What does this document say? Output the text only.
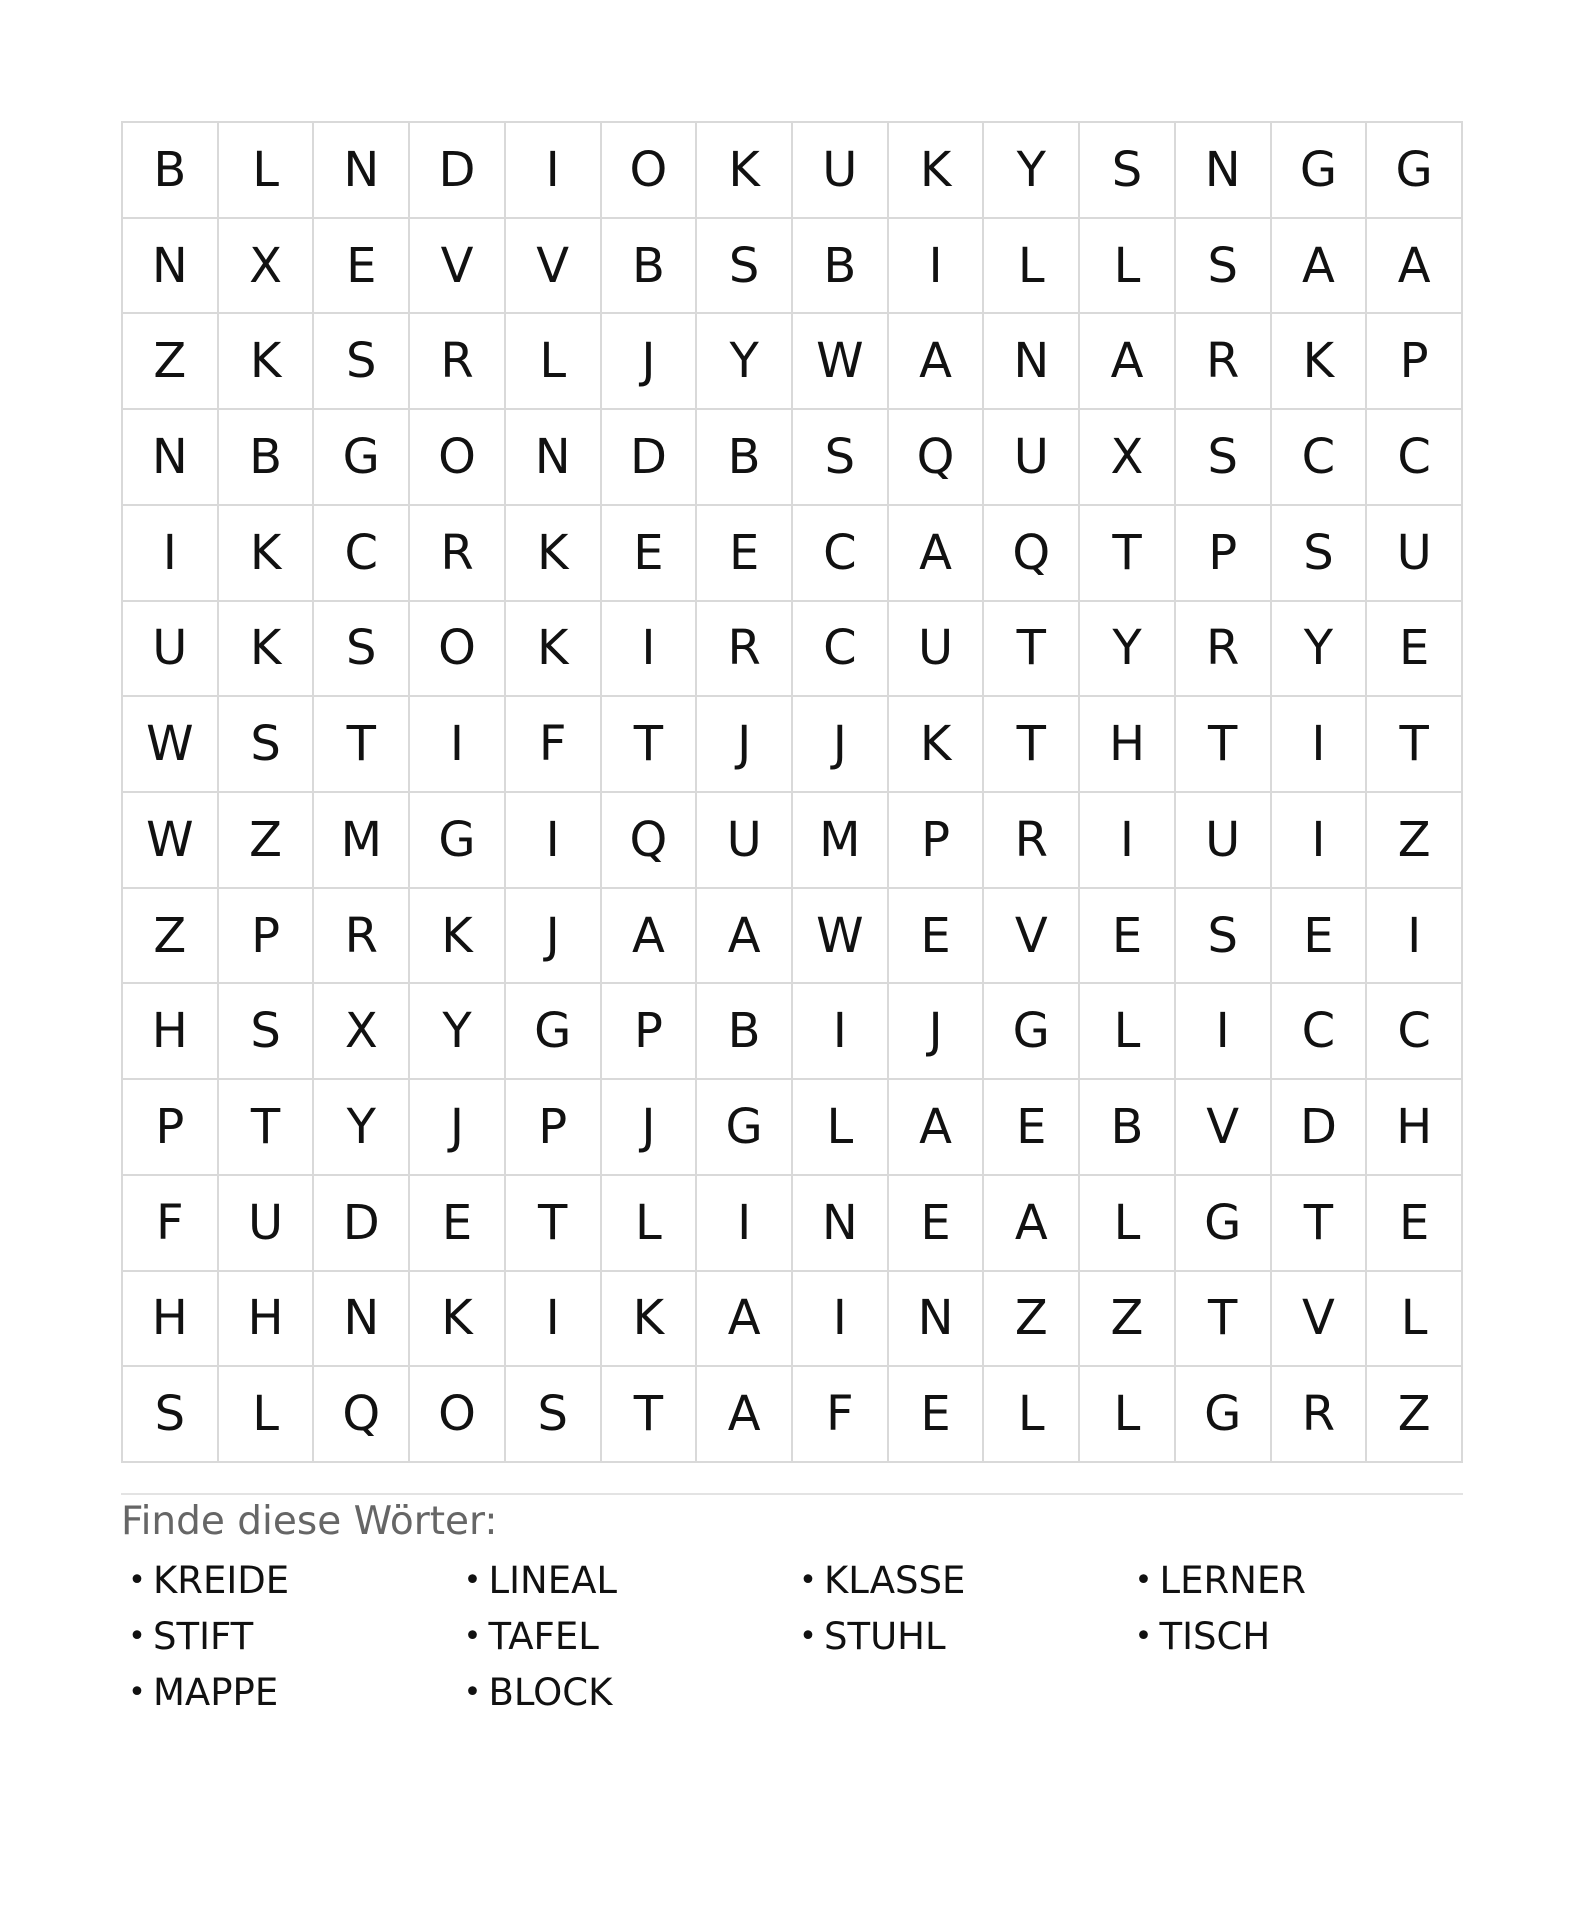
B	L	N	D	I	O	K	U	K	Y	S	N	G	G
N	X	E	V	V	B	S	B	I	L	L	S	A	A
Z	K	S	R	L	J	Y	W	A	N	A	R	K	P
N	B	G	O	N	D	B	S	Q	U	X	S	C	C
I	K	C	R	K	E	E	C	A	Q	T	P	S	U
U	K	S	O	K	I	R	C	U	T	Y	R	Y	E
W	S	T	I	F	T	J	J	K	T	H	T	I	T
W	Z	M	G	I	Q	U	M	P	R	I	U	I	Z
Z	P	R	K	J	A	A	W	E	V	E	S	E	I
H	S	X	Y	G	P	B	I	J	G	L	I	C	C
P	T	Y	J	P	J	G	L	A	E	B	V	D	H
F	U	D	E	T	L	I	N	E	A	L	G	T	E
H	H	N	K	I	K	A	I	N	Z	Z	T	V	L
S	L	Q	O	S	T	A	F	E	L	L	G	R	Z
Finde diese Wörter:
• KREIDE	• LINEAL	• KLASSE	• LERNER
• STIFT	• TAFEL	• STUHL	• TISCH
• MAPPE	• BLOCK
